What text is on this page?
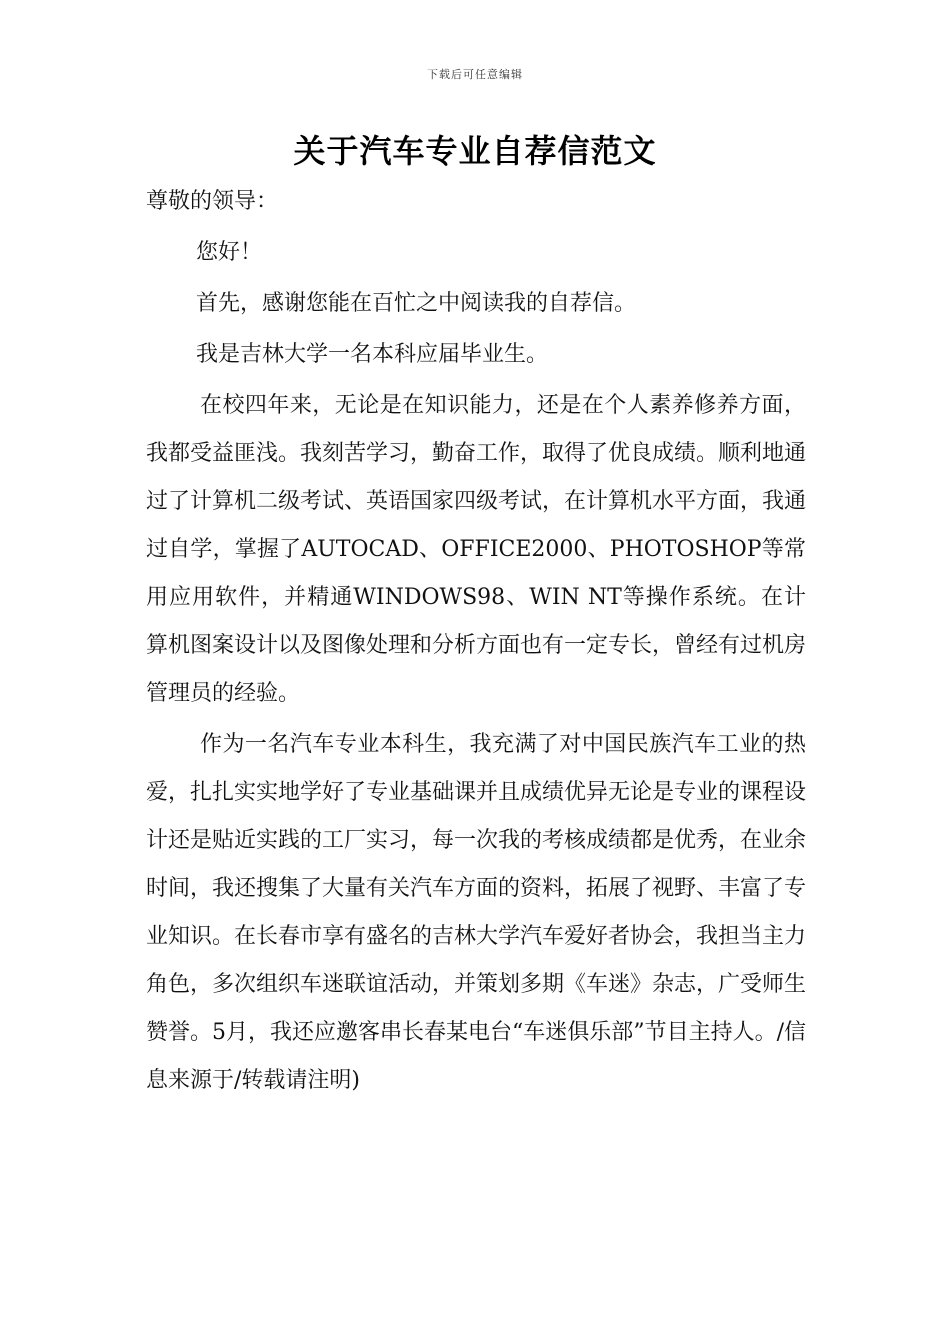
下载后可任意编辑
关于汽车专业自荐信范文

尊敬的领导：

您好！

首先，感谢您能在百忙之中阅读我的自荐信。

我是吉林大学一名本科应届毕业生。

在校四年来，无论是在知识能力，还是在个人素养修养方面，我都受益匪浅。我刻苦学习，勤奋工作，取得了优良成绩。顺利地通过了计算机二级考试、英语国家四级考试，在计算机水平方面，我通过自学，掌握了AUTOCAD、OFFICE2000、PHOTOSHOP等常用应用软件，并精通WINDOWS98、WIN NT等操作系统。在计算机图案设计以及图像处理和分析方面也有一定专长，曾经有过机房管理员的经验。

作为一名汽车专业本科生，我充满了对中国民族汽车工业的热爱，扎扎实实地学好了专业基础课并且成绩优异无论是专业的课程设计还是贴近实践的工厂实习，每一次我的考核成绩都是优秀，在业余时间，我还搜集了大量有关汽车方面的资料，拓展了视野、丰富了专业知识。在长春市享有盛名的吉林大学汽车爱好者协会，我担当主力角色，多次组织车迷联谊活动，并策划多期《车迷》杂志，广受师生赞誉。5月，我还应邀客串长春某电台“车迷俱乐部”节目主持人。/信息来源于/转载请注明)
